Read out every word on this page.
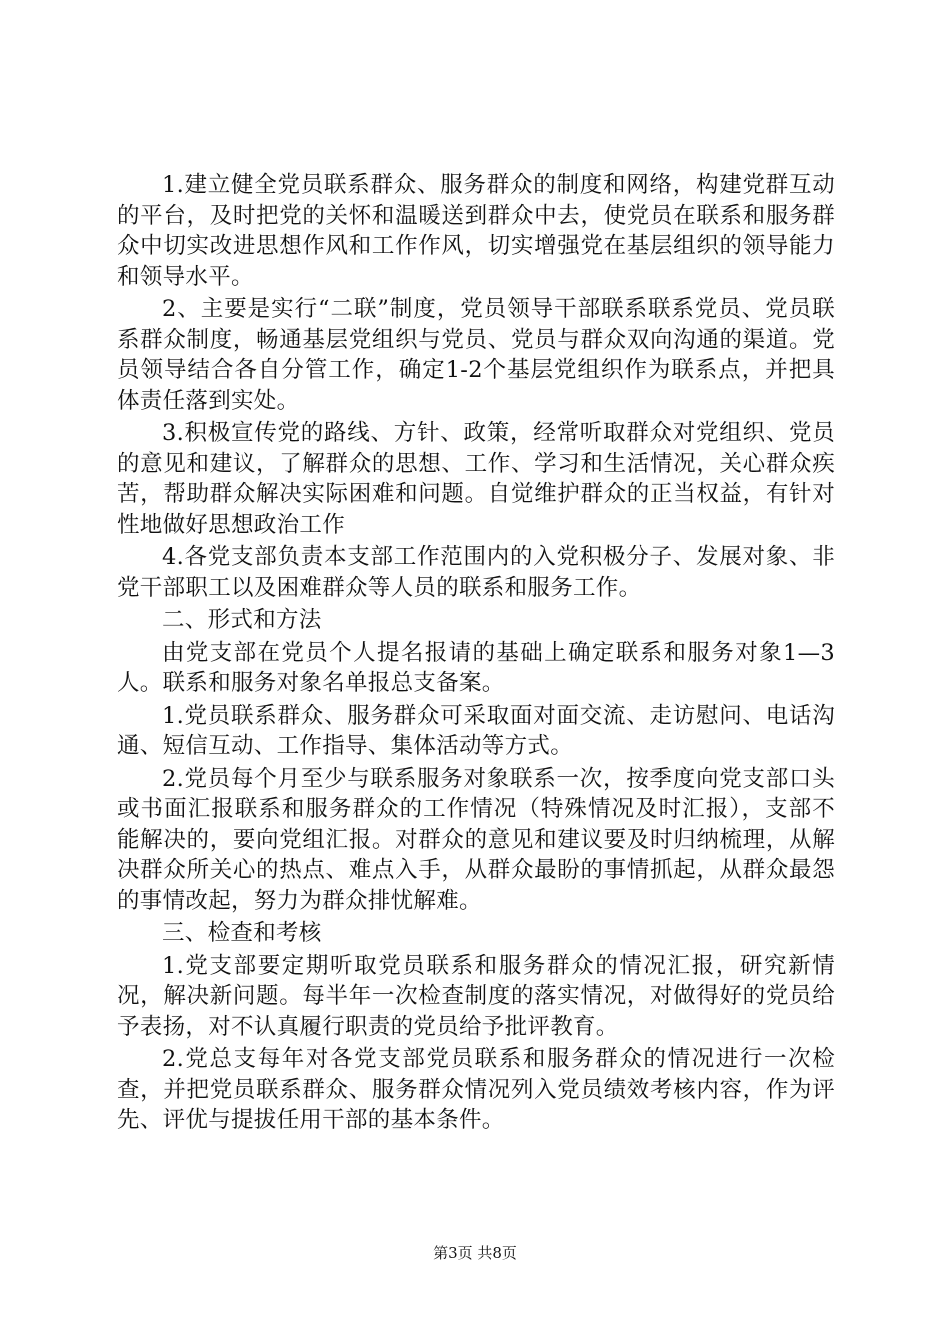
1.建立健全党员联系群众、服务群众的制度和网络，构建党群互动的平台，及时把党的关怀和温暖送到群众中去，使党员在联系和服务群众中切实改进思想作风和工作作风，切实增强党在基层组织的领导能力和领导水平。

2、主要是实行“二联”制度，党员领导干部联系联系党员、党员联系群众制度，畅通基层党组织与党员、党员与群众双向沟通的渠道。党员领导结合各自分管工作，确定1-2个基层党组织作为联系点，并把具体责任落到实处。

3.积极宣传党的路线、方针、政策，经常听取群众对党组织、党员的意见和建议，了解群众的思想、工作、学习和生活情况，关心群众疾苦，帮助群众解决实际困难和问题。自觉维护群众的正当权益，有针对性地做好思想政治工作

4.各党支部负责本支部工作范围内的入党积极分子、发展对象、非党干部职工以及困难群众等人员的联系和服务工作。

二、形式和方法

由党支部在党员个人提名报请的基础上确定联系和服务对象1—3人。联系和服务对象名单报总支备案。

1.党员联系群众、服务群众可采取面对面交流、走访慰问、电话沟通、短信互动、工作指导、集体活动等方式。

2.党员每个月至少与联系服务对象联系一次，按季度向党支部口头或书面汇报联系和服务群众的工作情况（特殊情况及时汇报），支部不能解决的，要向党组汇报。对群众的意见和建议要及时归纳梳理，从解决群众所关心的热点、难点入手，从群众最盼的事情抓起，从群众最怨的事情改起，努力为群众排忧解难。

三、检查和考核

1.党支部要定期听取党员联系和服务群众的情况汇报，研究新情况，解决新问题。每半年一次检查制度的落实情况，对做得好的党员给予表扬，对不认真履行职责的党员给予批评教育。

2.党总支每年对各党支部党员联系和服务群众的情况进行一次检查，并把党员联系群众、服务群众情况列入党员绩效考核内容，作为评先、评优与提拔任用干部的基本条件。

第3页 共8页
